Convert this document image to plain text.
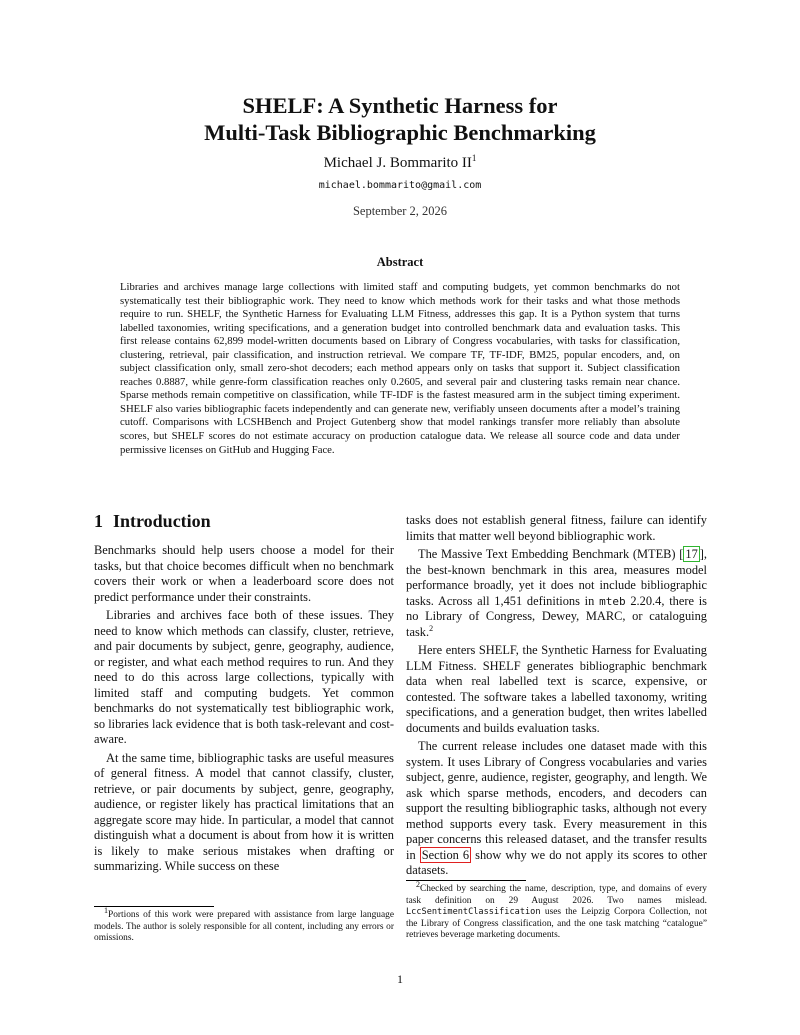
SHELF: A Synthetic Harness for
Multi-Task Bibliographic Benchmarking
Michael J. Bommarito $II^1$
michael.bommarito@gmail.com
September 2, 2026
Abstract
Libraries and archives manage large collections with limited staff and computing budgets, yet common benchmarks do not systematically test their bibliographic work. They need to know which methods work for their tasks and what those methods require to run. SHELF, the Synthetic Harness for Evaluating LLM Fitness, addresses this gap. It is a Python system that turns labelled taxonomies, writing specifications, and a generation budget into controlled benchmark data and evaluation tasks. This first release contains 62,899 model-written documents based on Library of Congress vocabularies, with tasks for classification, clustering, retrieval, pair classification, and instruction retrieval. We compare TF, TF-IDF, BM25, popular encoders, and, on subject classification only, small zero-shot decoders; each method appears only on tasks that support it. Subject classification reaches 0.8887, while genre-form classification reaches only 0.2605, and several pair and clustering tasks remain near chance. Sparse methods remain competitive on classification, while TF-IDF is the fastest measured arm in the subject timing experiment. SHELF also varies bibliographic facets independently and can generate new, verifiably unseen documents after a model’s training cutoff. Comparisons with LCSHBench and Project Gutenberg show that model rankings transfer more reliably than absolute scores, but SHELF scores do not estimate accuracy on production catalogue data. We release all source code and data under permissive licenses on GitHub and Hugging Face.
1 Introduction

Benchmarks should help users choose a model for their tasks, but that choice becomes difficult when no benchmark covers their work or when a leaderboard score does not predict performance under their constraints.

Libraries and archives face both of these issues. They need to know which methods can classify, cluster, retrieve, and pair documents by subject, genre, geography, audience, or register, and what each method requires to run. And they need to do this across large collections, typically with limited staff and computing budgets. Yet common benchmarks do not systematically test bibliographic work, so libraries lack evidence that is both task-relevant and cost-aware.

At the same time, bibliographic tasks are useful measures of general fitness. A model that cannot classify, cluster, retrieve, or pair documents by subject, genre, geography, audience, or register likely has practical limitations that an aggregate score may hide. In particular, a model that cannot distinguish what a document is about from how it is written is likely to make serious mistakes when drafting or summarizing. While success on these

tasks does not establish general fitness, failure can identify limits that matter well beyond bibliographic work.

The Massive Text Embedding Benchmark (MTEB) [ 17 ], the best-known benchmark in this area, measures model performance broadly, yet it does not include bibliographic tasks. Across all 1,451 definitions in mteb 2.20.4, there is no Library of Congress, Dewey, MARC, or cataloguing task.$^2$

Here enters SHELF, the Synthetic Harness for Evaluating LLM Fitness. SHELF generates bibliographic benchmark data when real labelled text is scarce, expensive, or contested. The software takes a labelled taxonomy, writing specifications, and a generation budget, then writes labelled documents and builds evaluation tasks.

The current release includes one dataset made with this system. It uses Library of Congress vocabularies and varies subject, genre, audience, register, geography, and length. We ask which sparse methods, encoders, and decoders can support the resulting bibliographic tasks, although not every method supports every task. Every measurement in this paper concerns this released dataset, and the transfer results in Section 6 show why we do not apply its scores to other datasets.

$^1$Portions of this work were prepared with assistance from large language models. The author is solely responsible for all content, including any errors or omissions.

$^2$Checked by searching the name, description, type, and domains of every task definition on 29 August 2026. Two names mislead. LccSentimentClassification uses the Leipzig Corpora Collection, not the Library of Congress classification, and the one task matching “catalogue” retrieves beverage marketing documents.

1
